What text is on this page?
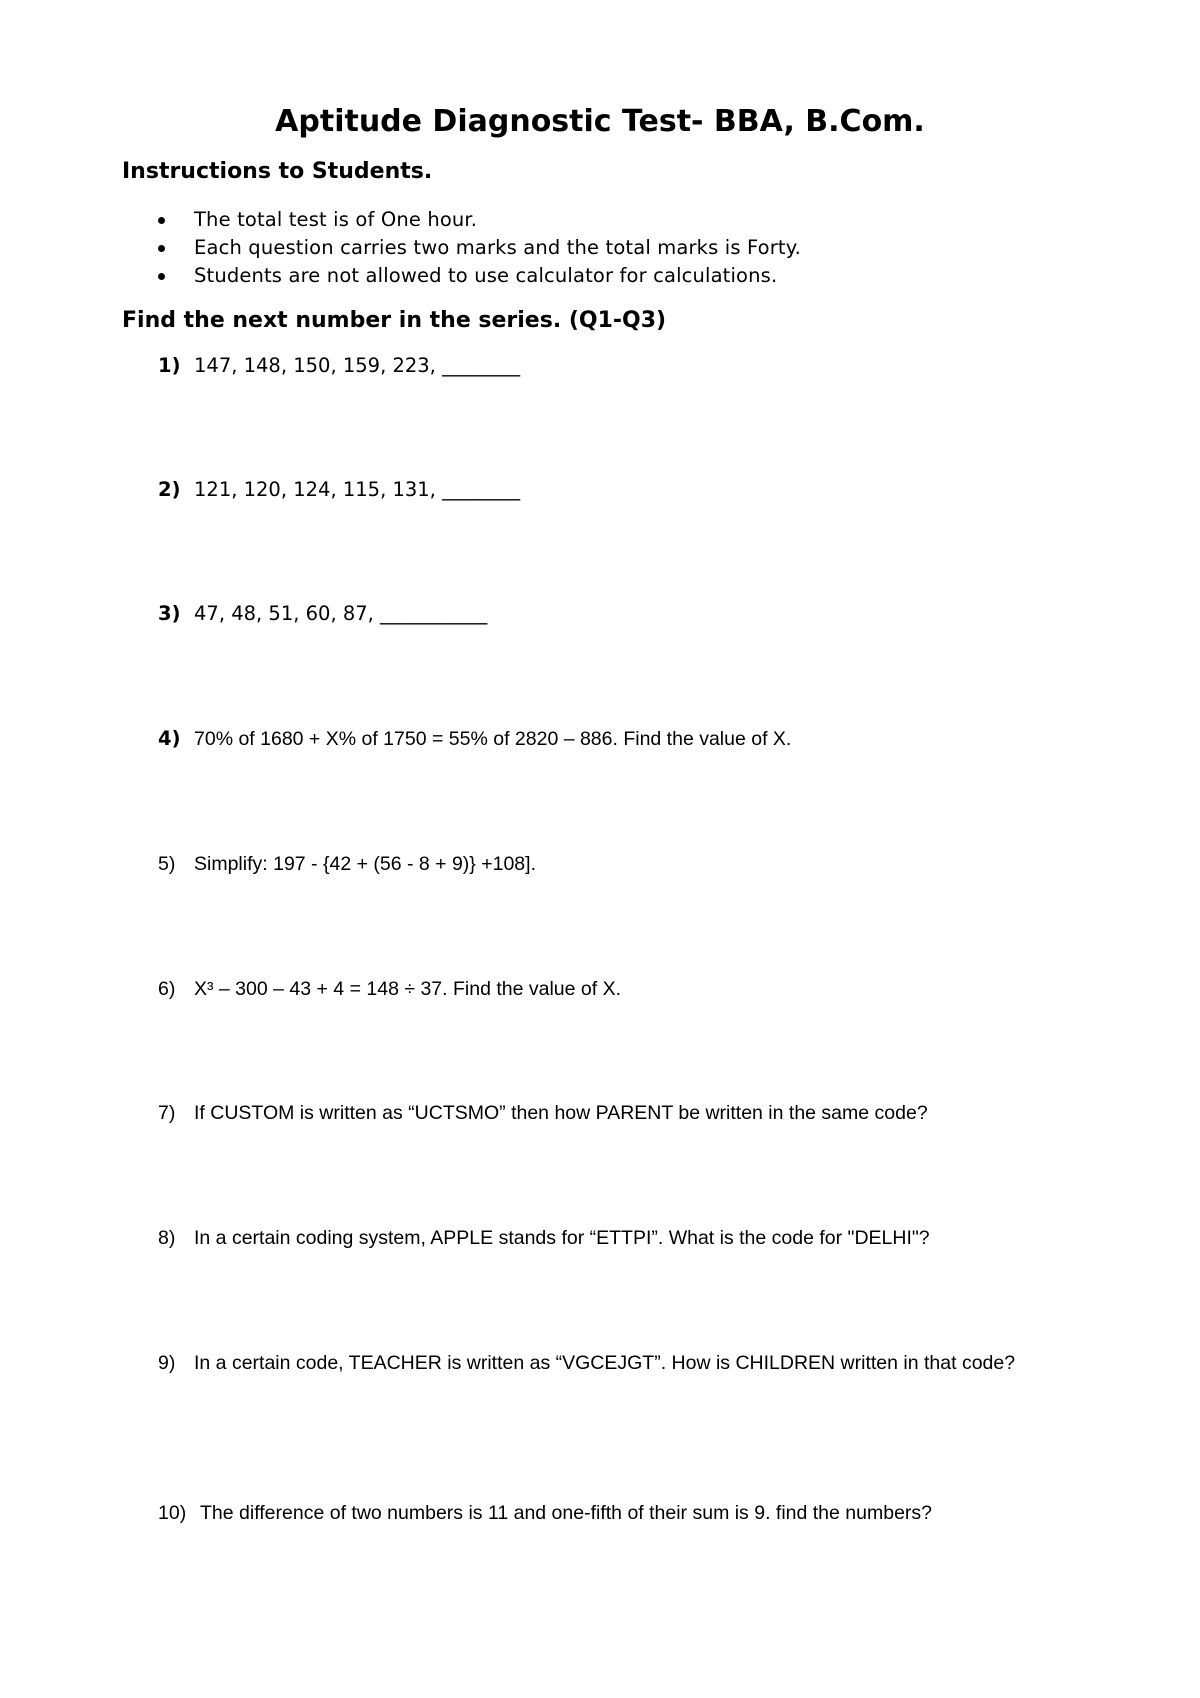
Aptitude Diagnostic Test- BBA, B.Com.
Instructions to Students.
The total test is of One hour.
Each question carries two marks and the total marks is Forty.
Students are not allowed to use calculator for calculations.
Find the next number in the series. (Q1-Q3)
1) 147, 148, 150, 159, 223, ________
2) 121, 120, 124, 115, 131, ________
3) 47, 48, 51, 60, 87, ___________
4) 70% of 1680 + X% of 1750 = 55% of 2820 – 886. Find the value of X.
5) Simplify: 197 - {42 + (56 - 8 + 9)} +108].
6) X³ – 300 – 43 + 4 = 148 ÷ 37. Find the value of X.
7) If CUSTOM is written as “UCTSMO” then how PARENT be written in the same code?
8) In a certain coding system, APPLE stands for “ETTPI”. What is the code for "DELHI"?
9) In a certain code, TEACHER is written as “VGCEJGT”. How is CHILDREN written in that code?
10) The difference of two numbers is 11 and one-fifth of their sum is 9. find the numbers?
